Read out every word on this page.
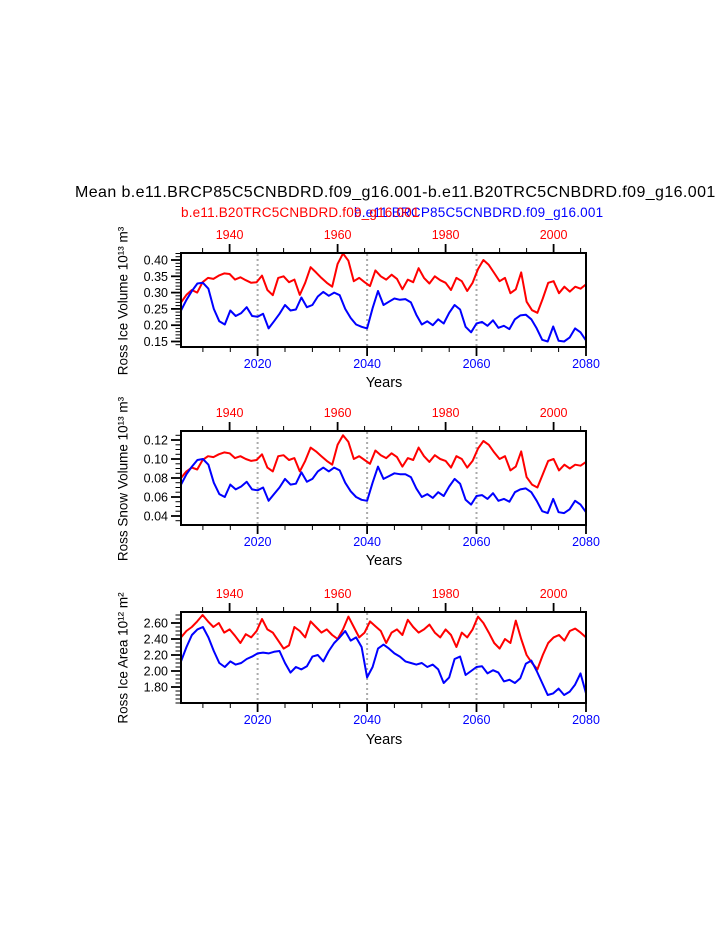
1940	1960	1980	2000
2020	2040	2060	2080
0.15
0.20
0.25
0.30
0.35
0.40
1940	1960	1980	2000
2020	2040	2060	2080
0.04
0.06
0.08
0.10
0.12
1940	1960	1980	2000
2020	2040	2060	2080
1.80
2.00
2.20
2.40
2.60
Mean b.e11.BRCP85C5CNBDRD.f09_g16.001-b.e11.B20TRC5CNBDRD.f09_g16.001
b.e11.BRCP85C5CNBDRD.f09_g16.001
b.e11.B20TRC5CNBDRD.f09_g16.001
Ross Ice Volume 10¹³ m³
Ross Snow Volume 10¹³ m³
Ross Ice Area 10¹² m²
Years
Years
Years
